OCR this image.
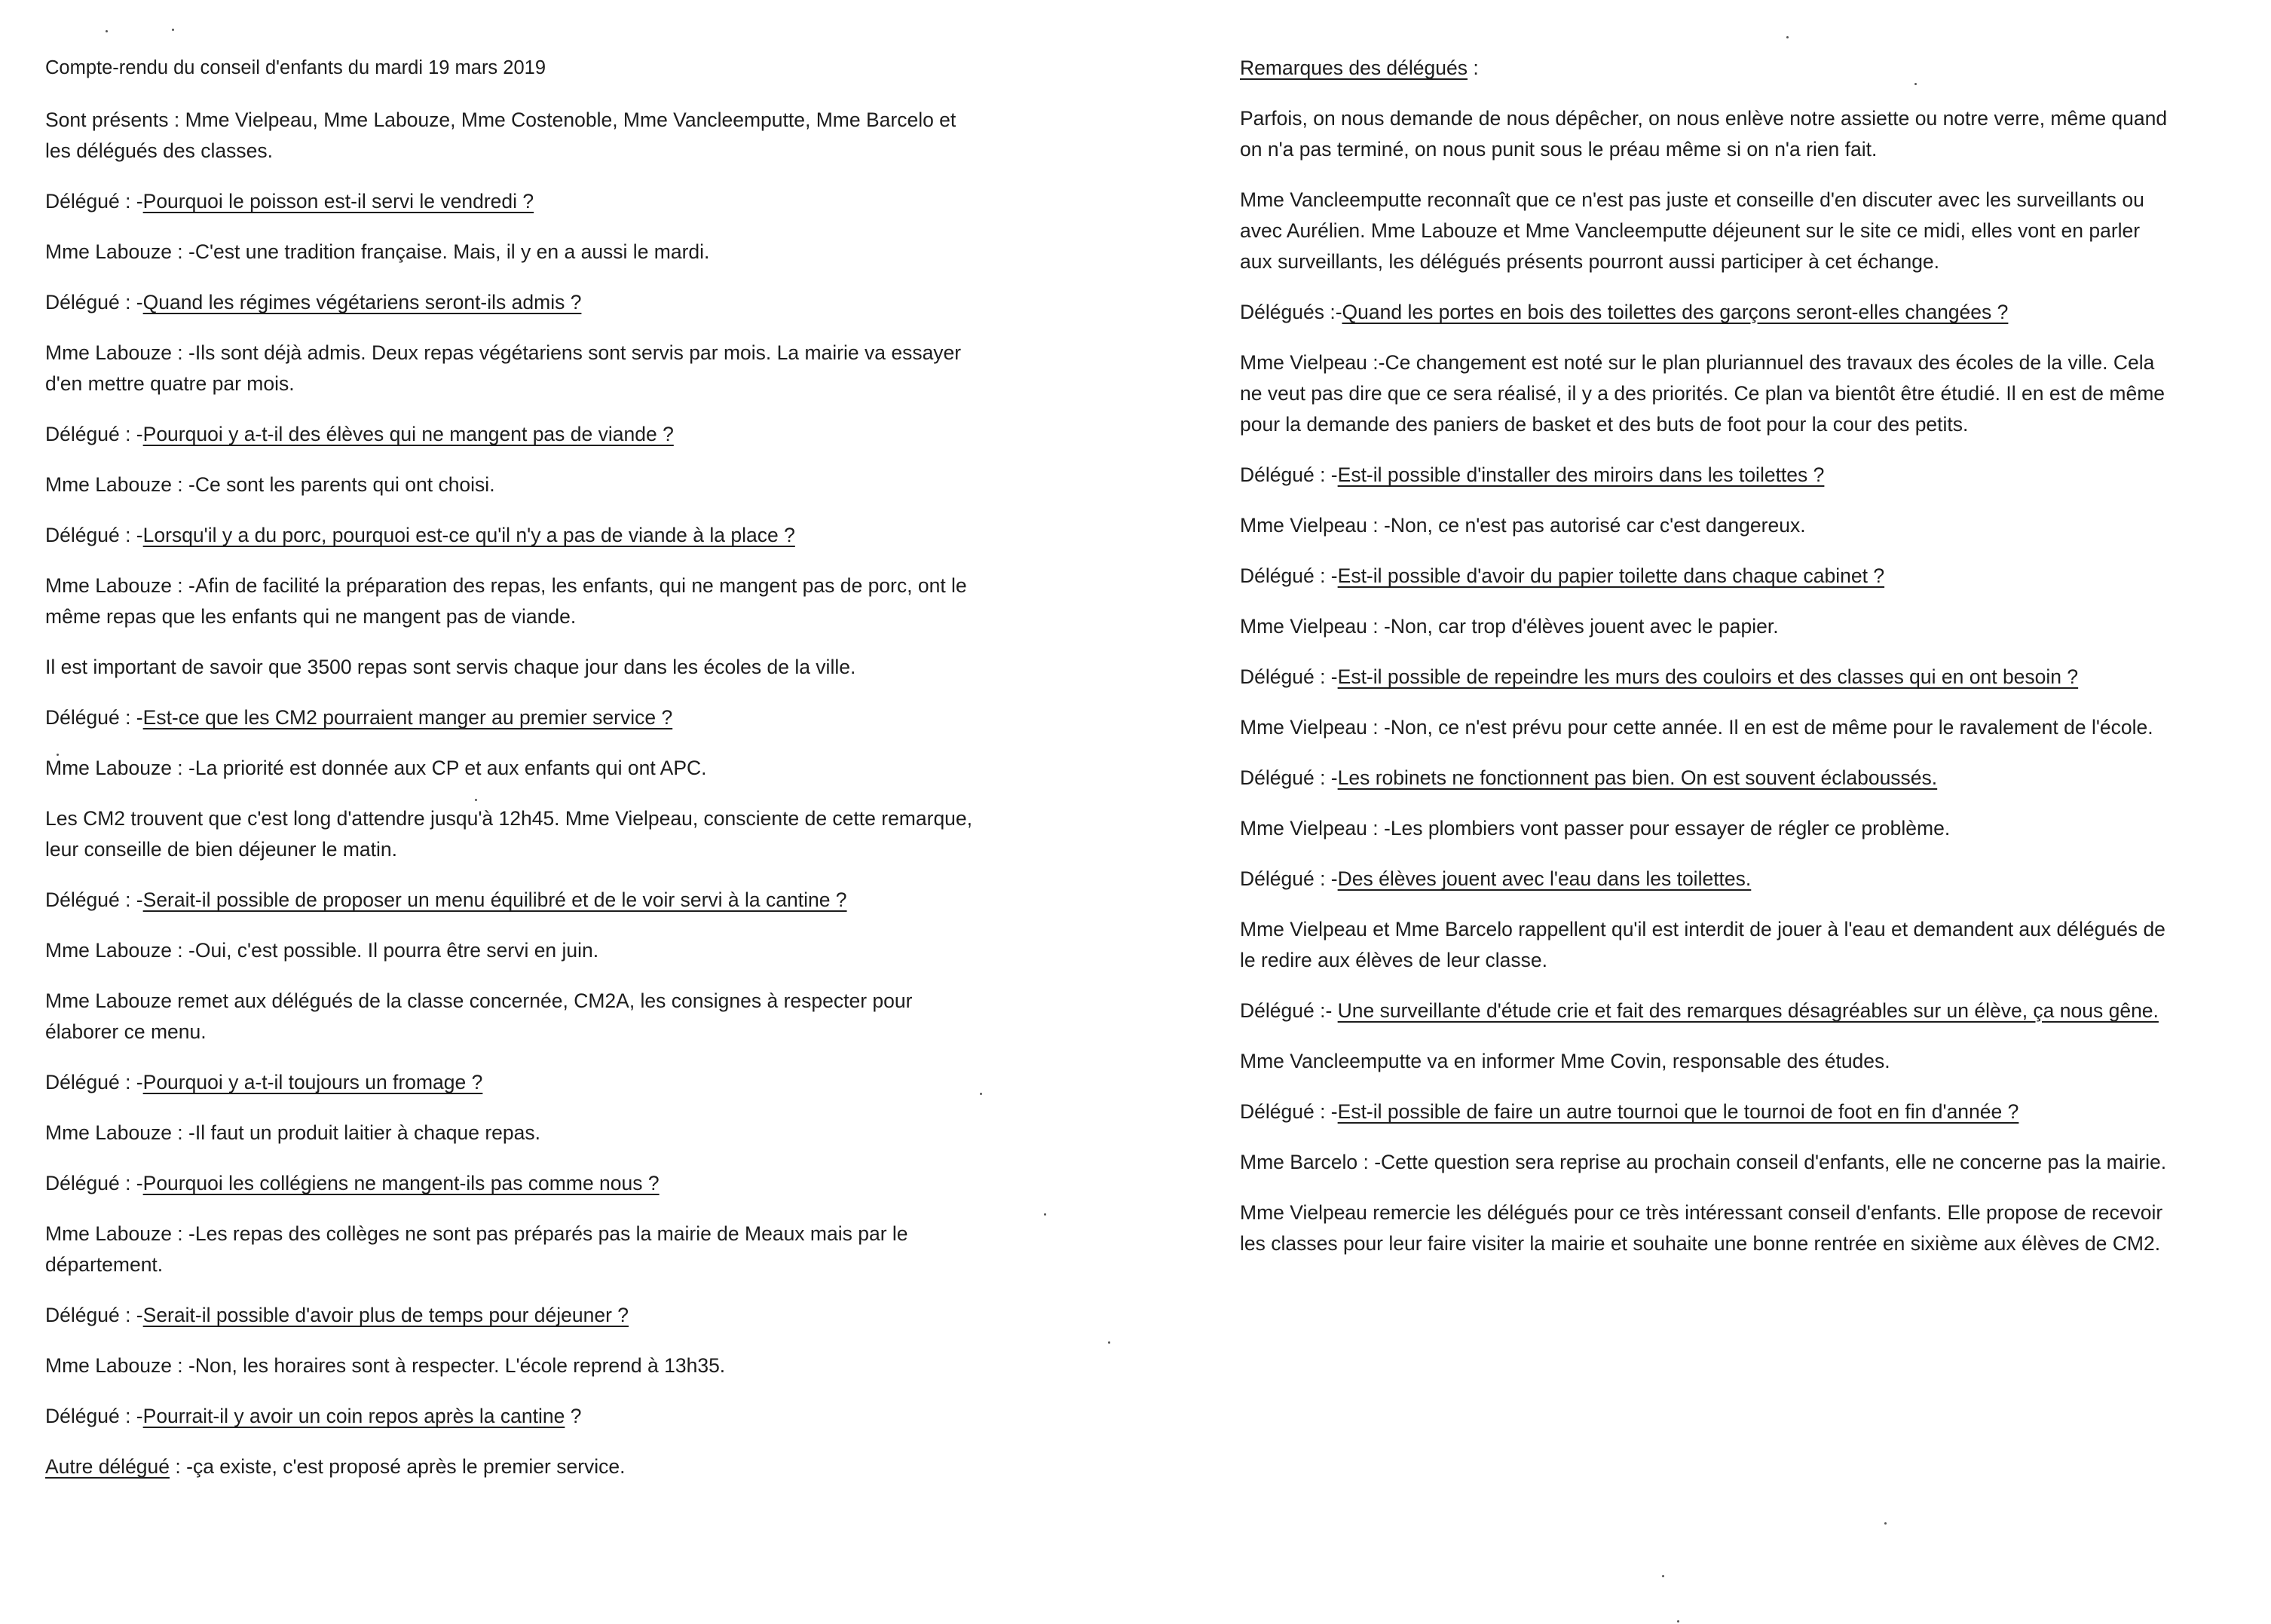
Compte-rendu du conseil d'enfants du mardi 19 mars 2019

Sont présents : Mme Vielpeau, Mme Labouze, Mme Costenoble, Mme Vancleemputte, Mme Barcelo et les délégués des classes.

Délégué : -Pourquoi le poisson est-il servi le vendredi ?

Mme Labouze : -C'est une tradition française. Mais, il y en a aussi le mardi.

Délégué : -Quand les régimes végétariens seront-ils admis ?

Mme Labouze : -Ils sont déjà admis. Deux repas végétariens sont servis par mois. La mairie va essayer d'en mettre quatre par mois.

Délégué : -Pourquoi y a-t-il des élèves qui ne mangent pas de viande ?

Mme Labouze : -Ce sont les parents qui ont choisi.

Délégué : -Lorsqu'il y a du porc, pourquoi est-ce qu'il n'y a pas de viande à la place ?

Mme Labouze : -Afin de facilité la préparation des repas, les enfants, qui ne mangent pas de porc, ont le même repas que les enfants qui ne mangent pas de viande.

Il est important de savoir que 3500 repas sont servis chaque jour dans les écoles de la ville.

Délégué : -Est-ce que les CM2 pourraient manger au premier service ?

Mme Labouze : -La priorité est donnée aux CP et aux enfants qui ont APC.

Les CM2 trouvent que c'est long d'attendre jusqu'à 12h45. Mme Vielpeau, consciente de cette remarque, leur conseille de bien déjeuner le matin.

Délégué : -Serait-il possible de proposer un menu équilibré et de le voir servi à la cantine ?

Mme Labouze : -Oui, c'est possible. Il pourra être servi en juin.

Mme Labouze remet aux délégués de la classe concernée, CM2A, les consignes à respecter pour élaborer ce menu.

Délégué : -Pourquoi y a-t-il toujours un fromage ?

Mme Labouze : -Il faut un produit laitier à chaque repas.

Délégué : -Pourquoi les collégiens ne mangent-ils pas comme nous ?

Mme Labouze : -Les repas des collèges ne sont pas préparés pas la mairie de Meaux mais par le département.

Délégué : -Serait-il possible d'avoir plus de temps pour déjeuner ?

Mme Labouze : -Non, les horaires sont à respecter. L'école reprend à 13h35.

Délégué : -Pourrait-il y avoir un coin repos après la cantine ?

Autre délégué : -ça existe, c'est proposé après le premier service.

Remarques des délégués :

Parfois, on nous demande de nous dépêcher, on nous enlève notre assiette ou notre verre, même quand on n'a pas terminé, on nous punit sous le préau même si on n'a rien fait.

Mme Vancleemputte reconnaît que ce n'est pas juste et conseille d'en discuter avec les surveillants ou avec Aurélien. Mme Labouze et Mme Vancleemputte déjeunent sur le site ce midi, elles vont en parler aux surveillants, les délégués présents pourront aussi participer à cet échange.

Délégués :-Quand les portes en bois des toilettes des garçons seront-elles changées ?

Mme Vielpeau :-Ce changement est noté sur le plan pluriannuel des travaux des écoles de la ville. Cela ne veut pas dire que ce sera réalisé, il y a des priorités. Ce plan va bientôt être étudié. Il en est de même pour la demande des paniers de basket et des buts de foot pour la cour des petits.

Délégué : -Est-il possible d'installer des miroirs dans les toilettes ?

Mme Vielpeau : -Non, ce n'est pas autorisé car c'est dangereux.

Délégué : -Est-il possible d'avoir du papier toilette dans chaque cabinet ?

Mme Vielpeau : -Non, car trop d'élèves jouent avec le papier.

Délégué : -Est-il possible de repeindre les murs des couloirs et des classes qui en ont besoin ?

Mme Vielpeau : -Non, ce n'est prévu pour cette année. Il en est de même pour le ravalement de l'école.

Délégué : -Les robinets ne fonctionnent pas bien. On est souvent éclaboussés.

Mme Vielpeau : -Les plombiers vont passer pour essayer de régler ce problème.

Délégué : -Des élèves jouent avec l'eau dans les toilettes.

Mme Vielpeau et Mme Barcelo rappellent qu'il est interdit de jouer à l'eau et demandent aux délégués de le redire aux élèves de leur classe.

Délégué :- Une surveillante d'étude crie et fait des remarques désagréables sur un élève, ça nous gêne.

Mme Vancleemputte va en informer Mme Covin, responsable des études.

Délégué : -Est-il possible de faire un autre tournoi que le tournoi de foot en fin d'année ?

Mme Barcelo : -Cette question sera reprise au prochain conseil d'enfants, elle ne concerne pas la mairie.

Mme Vielpeau remercie les délégués pour ce très intéressant conseil d'enfants. Elle propose de recevoir les classes pour leur faire visiter la mairie et souhaite une bonne rentrée en sixième aux élèves de CM2.
